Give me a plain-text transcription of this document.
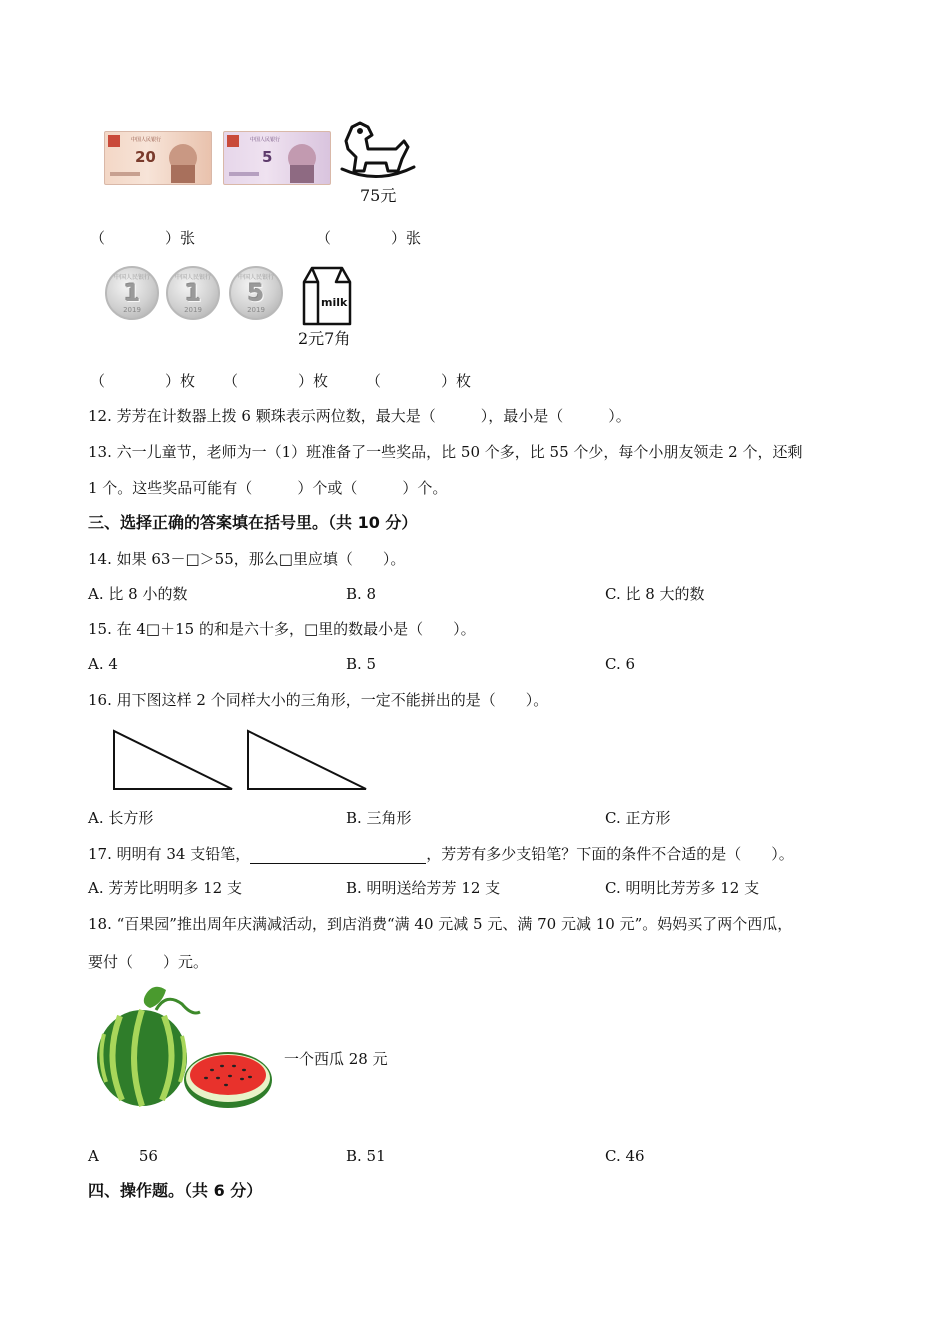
中国人民银行
20
中国人民银行
5
75元
（　　　　）张	（　　　　）张
中国人民银行
1
2019
中国人民银行
1
2019
中国人民银行
5
2019
milk
2元7角
（　　　　）枚 （　　　　）枚	（　　　　）枚
12. 芳芳在计数器上拨 6 颗珠表示两位数，最大是（　　　），最小是（　　　）。
13. 六一儿童节，老师为一（1）班准备了一些奖品，比 50 个多，比 55 个少，每个小朋友领走 2 个，还剩
1 个。这些奖品可能有（　　　）个或（　　　）个。
三、选择正确的答案填在括号里。（共 10 分）
14. 如果 63－□＞55，那么□里应填（　　）。
A. 比 8 小的数	B. 8	C. 比 8 大的数
15. 在 4□＋15 的和是六十多，□里的数最小是（　　）。
A. 4	B. 5	C. 6
16. 用下图这样 2 个同样大小的三角形，一定不能拼出的是（　　）。
A. 长方形	B. 三角形	C. 正方形
17. 明明有 34 支铅笔，	，芳芳有多少支铅笔？下面的条件不合适的是（　　）。
A. 芳芳比明明多 12 支	B. 明明送给芳芳 12 支	C. 明明比芳芳多 12 支
18. “百果园”推出周年庆满减活动，到店消费“满 40 元减 5 元、满 70 元减 10 元”。妈妈买了两个西瓜，
要付（　　）元。
一个西瓜 28 元
A	56	B. 51	C. 46
四、操作题。（共 6 分）
